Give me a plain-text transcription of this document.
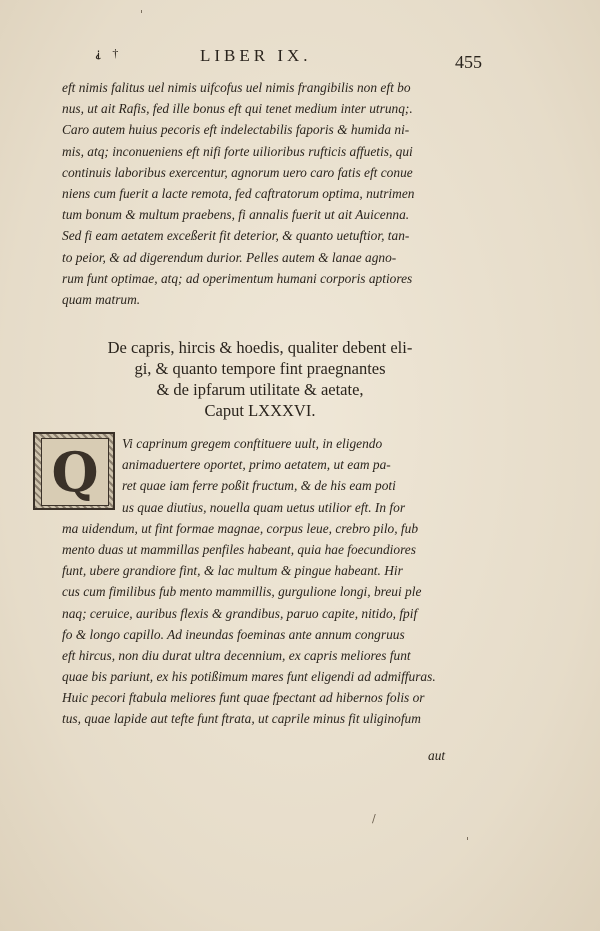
⸘ †	LIBER IX.	455
eft nimis falitus uel nimis uifcofus uel nimis frangibilis non eft bo
nus, ut ait Rafis, fed ille bonus eft qui tenet medium inter utrunq;.
Caro autem huius pecoris eft indelectabilis faporis & humida ni-
mis, atq; inconueniens eft nifi forte uilioribus rufticis affuetis, qui
continuis laboribus exercentur, agnorum uero caro fatis eft conue
niens cum fuerit a lacte remota, fed caftratorum optima, nutrimen
tum bonum & multum praebens, fi annalis fuerit ut ait Auicenna.
Sed fi eam aetatem exceßerit fit deterior, & quanto uetuftior, tan-
to peior, & ad digerendum durior. Pelles autem & lanae agno-
rum funt optimae, atq; ad operimentum humani corporis aptiores
quam matrum.
De capris, hircis & hoedis, qualiter debent eli-
gi, & quanto tempore fint praegnantes
& de ipfarum utilitate & aetate,
Caput LXXXVI.
Q	Vi caprinum gregem conftituere uult, in eligendo
animaduertere oportet, primo aetatem, ut eam pa-
ret quae iam ferre poßit fructum, & de his eam poti
us quae diutius, nouella quam uetus utilior eft. In for
ma uidendum, ut fint formae magnae, corpus leue, crebro pilo, fub
mento duas ut mammillas penfiles habeant, quia hae foecundiores
funt, ubere grandiore fint, & lac multum & pingue habeant. Hir
cus cum fimilibus fub mento mammillis, gurgulione longi, breui ple
naq; ceruice, auribus flexis & grandibus, paruo capite, nitido, fpif
fo & longo capillo. Ad ineundas foeminas ante annum congruus
eft hircus, non diu durat ultra decennium, ex capris meliores funt
quae bis pariunt, ex his potißimum mares funt eligendi ad admiffuras.
Huic pecori ftabula meliores funt quae fpectant ad hibernos folis or
tus, quae lapide aut tefte funt ftrata, ut caprile minus fit uliginofum
aut
'
/
'
